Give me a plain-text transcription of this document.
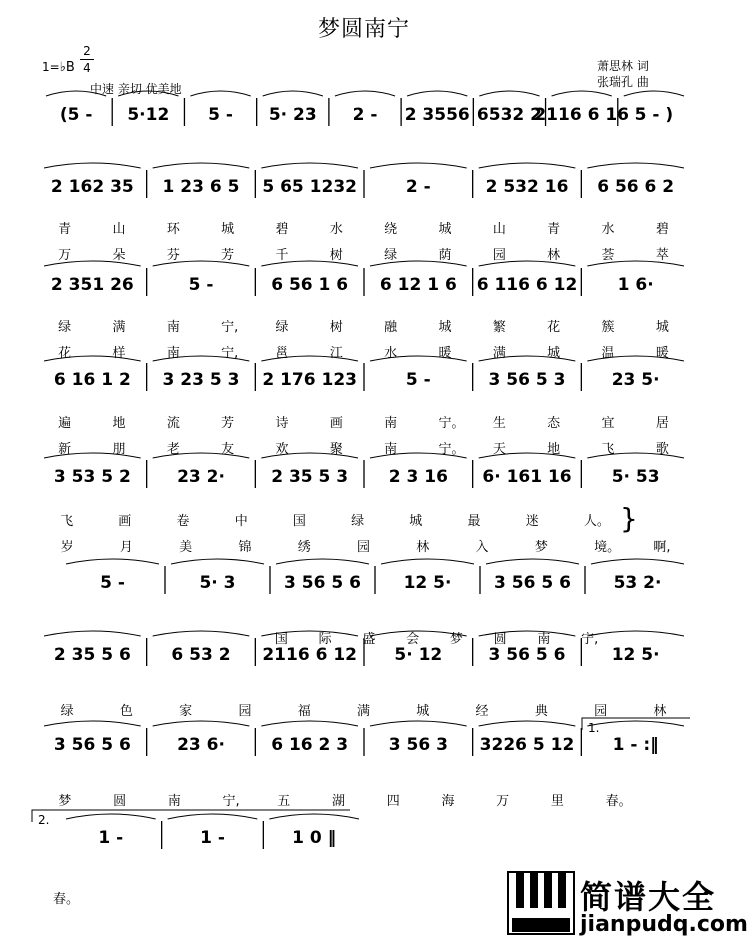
梦圆南宁
1=♭B
2
4
中速 亲切 优美地
萧思林 词
张瑞孔 曲
(5 - 5·12 5 - 5· 23 2 - 2 3556 6532 2
2116 6 16 5 - )
2 162 35 1 23 6 5 5 65 1232	2 -	2 532 16 6 56 6 2
2 351 26	5 -	6 56 1 6 6 12 1 6 6 116 6 12 1 6·
6 16 1 2 3 23 5 3 2 176 123	5 -	3 56 5 3	23 5·
3 53 5 2	23 2·	2 35 5 3 2 3 16 6· 161 16 5· 53
5 -	5· 3	3 56 5 6	12 5·	3 56 5 6	53 2·
2 35 5 6 6 53 2 2116 6 12 5· 12	3 56 5 6	12 5·
3 56 5 6	23 6·	6 16 2 3 3 56 3 3226 5 12 1 - :‖
1 -	1 -	1 0 ‖
1.
2.
}
青	山	环	城	碧	水	绕	城	山	青	水	碧
万	朵	芬	芳	千	树	绿	荫	园	林	荟	萃
绿	满	南	宁,	绿	树	融	城	繁	花	簇	城
花	样	南	宁,	邕	江	水	暖	满	城	温	暖
遍	地	流	芳	诗	画	南	宁。 生	态	宜	居
新	朋	老	友	欢	聚	南	宁。 天	地	飞	歌
飞	画	卷	中	国	绿	城	最	迷	人。
岁	月	美	锦	绣	园	林	入	梦	境。	啊,
国 际 盛 会 梦 圆 南 宁,
绿	色	家	园	福	满	城	经	典	园	林
梦	圆	南	宁,	五	湖	四	海	万	里	春。
春。	简谱大全
jianpudq.com
